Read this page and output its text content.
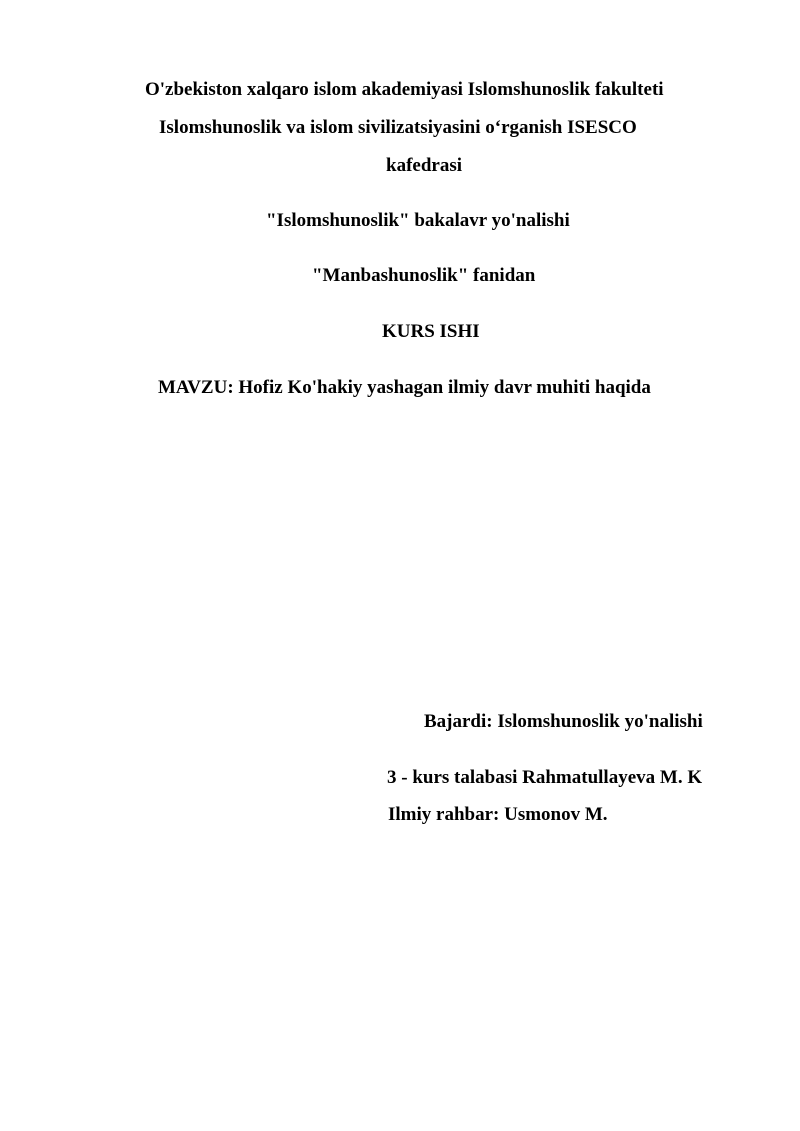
O'zbekiston xalqaro islom akademiyasi Islomshunoslik fakulteti
Islomshunoslik va islom sivilizatsiyasini o‘rganish ISESCO
kafedrasi
"Islomshunoslik" bakalavr yo'nalishi
"Manbashunoslik" fanidan
KURS ISHI
MAVZU: Hofiz Ko'hakiy yashagan ilmiy davr muhiti haqida
Bajardi: Islomshunoslik yo'nalishi
3 - kurs talabasi Rahmatullayeva M. K
Ilmiy rahbar: Usmonov M.
